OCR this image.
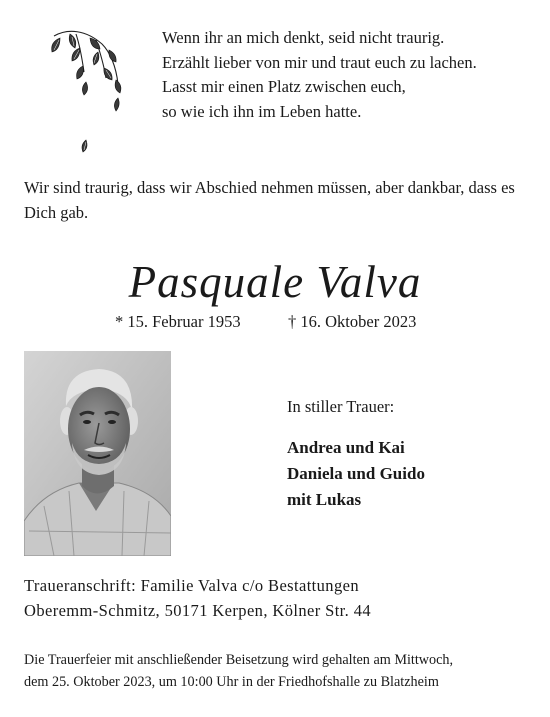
Wenn ihr an mich denkt, seid nicht traurig.
Erzählt lieber von mir und traut euch zu lachen.
Lasst mir einen Platz zwischen euch,
so wie ich ihn im Leben hatte.
Wir sind traurig, dass wir Abschied nehmen müssen, aber dankbar, dass es Dich gab.
Pasquale Valva
* 15. Februar 1953	† 16. Oktober 2023
In stiller Trauer:
Andrea und Kai
Daniela und Guido
mit Lukas
Traueranschrift: Familie Valva c/o Bestattungen
Oberemm-Schmitz, 50171 Kerpen, Kölner Str. 44
Die Trauerfeier mit anschließender Beisetzung wird gehalten am Mittwoch,
dem 25. Oktober 2023, um 10:00 Uhr in der Friedhofshalle zu Blatzheim
